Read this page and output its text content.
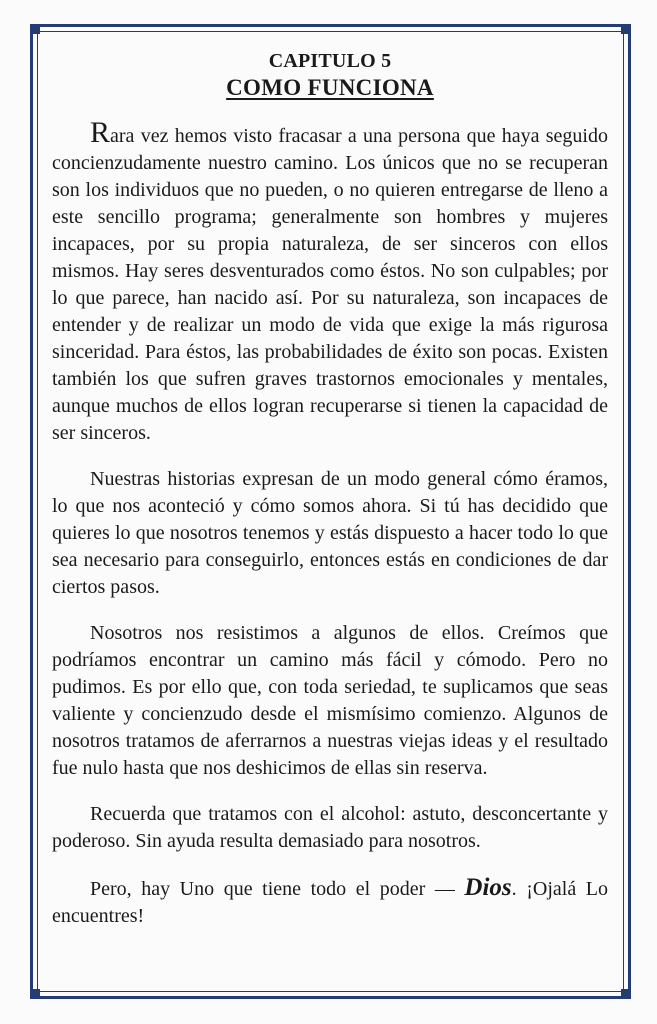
CAPITULO 5
COMO FUNCIONA

Rara vez hemos visto fracasar a una persona que haya seguido concienzudamente nuestro camino. Los únicos que no se recuperan son los individuos que no pueden, o no quieren entregarse de lleno a este sencillo programa; generalmente son hombres y mujeres incapaces, por su propia naturaleza, de ser sinceros con ellos mismos. Hay seres desventurados como éstos. No son culpables; por lo que parece, han nacido así. Por su naturaleza, son incapaces de entender y de realizar un modo de vida que exige la más rigurosa sinceridad. Para éstos, las probabilidades de éxito son pocas. Existen también los que sufren graves trastornos emocionales y mentales, aunque muchos de ellos logran recuperarse si tienen la capacidad de ser sinceros.

Nuestras historias expresan de un modo general cómo éramos, lo que nos aconteció y cómo somos ahora. Si tú has decidido que quieres lo que nosotros tenemos y estás dispuesto a hacer todo lo que sea necesario para conseguirlo, entonces estás en condiciones de dar ciertos pasos.

Nosotros nos resistimos a algunos de ellos. Creímos que podríamos encontrar un camino más fácil y cómodo. Pero no pudimos. Es por ello que, con toda seriedad, te suplicamos que seas valiente y concienzudo desde el mismísimo comienzo. Algunos de nosotros tratamos de aferrarnos a nuestras viejas ideas y el resultado fue nulo hasta que nos deshicimos de ellas sin reserva.

Recuerda que tratamos con el alcohol: astuto, desconcertante y poderoso. Sin ayuda resulta demasiado para nosotros.

Pero, hay Uno que tiene todo el poder — Dios. ¡Ojalá Lo encuentres!
